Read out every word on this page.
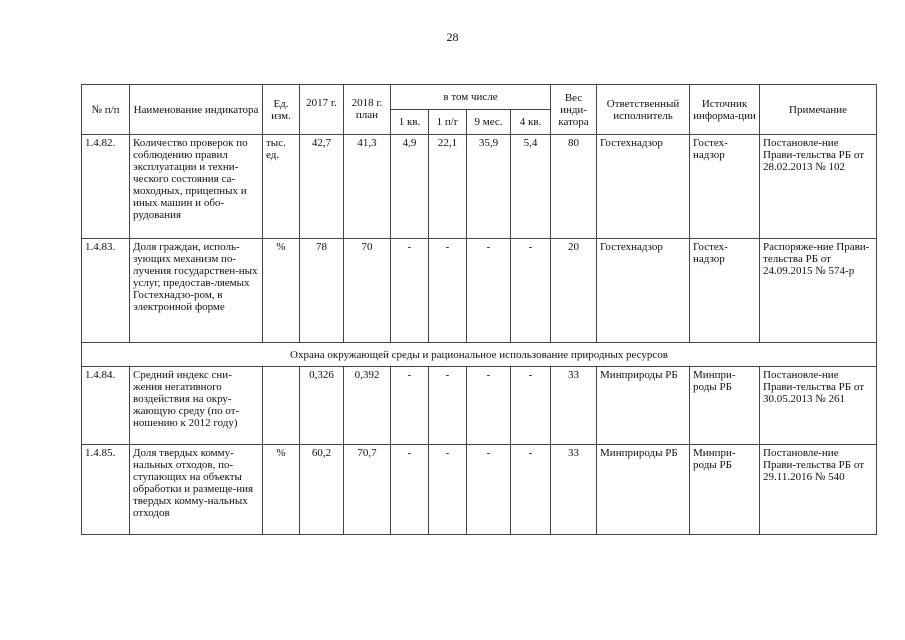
28
№ п/п	Наименование индикатора	Ед. изм.	2017 г.	2018 г. план	в том числе				Вес инди-катора	Ответственный исполнитель	Источник информа-ции	Примечание
					1 кв.	1 п/г	9 мес.	4 кв.				
1.4.82.	Количество проверок по соблюдению правил эксплуатации и техни-ческого состояния са-моходных, прицепных и иных машин и обо-рудования	тыс. ед.	42,7	41,3	4,9	22,1	35,9	5,4	80	Гостехнадзор	Гостех-надзор	Постановле-ние Прави-тельства РБ от 28.02.2013 № 102
1.4.83.	Доля граждан, исполь-зующих механизм по-лучения государствен-ных услуг, предостав-ляемых Гостехнадзо-ром, в электронной форме	%	78	70	-	-	-	-	20	Гостехнадзор	Гостех-надзор	Распоряже-ние Прави-тельства РБ от 24.09.2015 № 574-р
Охрана окружающей среды и рациональное использование природных ресурсов												
1.4.84.	Средний индекс сни-жения негативного воздействия на окру-жающую среду (по от-ношению к 2012 году)		0,326	0,392	-	-	-	-	33	Минприроды РБ	Минпри-роды РБ	Постановле-ние Прави-тельства РБ от 30.05.2013 № 261
1.4.85.	Доля твердых комму-нальных отходов, по-ступающих на объекты обработки и размеще-ния твердых комму-нальных отходов	%	60,2	70,7	-	-	-	-	33	Минприроды РБ	Минпри-роды РБ	Постановле-ние Прави-тельства РБ от 29.11.2016 № 540
